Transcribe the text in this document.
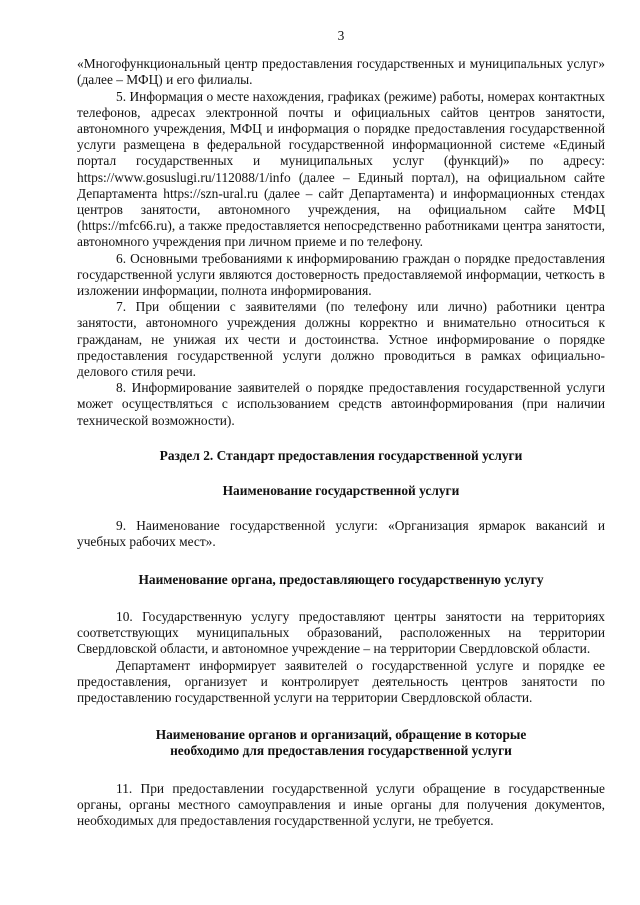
3

«Многофункциональный центр предоставления государственных и муниципальных услуг» (далее – МФЦ) и его филиалы.

5. Информация о месте нахождения, графиках (режиме) работы, номерах контактных телефонов, адресах электронной почты и официальных сайтов центров занятости, автономного учреждения, МФЦ и информация о порядке предоставления государственной услуги размещена в федеральной государственной информационной системе «Единый портал государственных и муниципальных услуг (функций)» по адресу: https://www.gosuslugi.ru/112088/1/info (далее – Единый портал), на официальном сайте Департамента https://szn-ural.ru (далее – сайт Департамента) и информационных стендах центров занятости, автономного учреждения, на официальном сайте МФЦ (https://mfc66.ru), а также предоставляется непосредственно работниками центра занятости, автономного учреждения при личном приеме и по телефону.

6. Основными требованиями к информированию граждан о порядке предоставления государственной услуги являются достоверность предоставляемой информации, четкость в изложении информации, полнота информирования.

7. При общении с заявителями (по телефону или лично) работники центра занятости, автономного учреждения должны корректно и внимательно относиться к гражданам, не унижая их чести и достоинства. Устное информирование о порядке предоставления государственной услуги должно проводиться в рамках официально-делового стиля речи.

8. Информирование заявителей о порядке предоставления государственной услуги может осуществляться с использованием средств автоинформирования (при наличии технической возможности).

Раздел 2. Стандарт предоставления государственной услуги
Наименование государственной услуги

9. Наименование государственной услуги: «Организация ярмарок вакансий и учебных рабочих мест».

Наименование органа, предоставляющего государственную услугу

10. Государственную услугу предоставляют центры занятости на территориях соответствующих муниципальных образований, расположенных на территории Свердловской области, и автономное учреждение – на территории Свердловской области.

Департамент информирует заявителей о государственной услуге и порядке ее предоставления, организует и контролирует деятельность центров занятости по предоставлению государственной услуги на территории Свердловской области.

Наименование органов и организаций, обращение в которые
необходимо для предоставления государственной услуги

11. При предоставлении государственной услуги обращение в государственные органы, органы местного самоуправления и иные органы для получения документов, необходимых для предоставления государственной услуги, не требуется.
